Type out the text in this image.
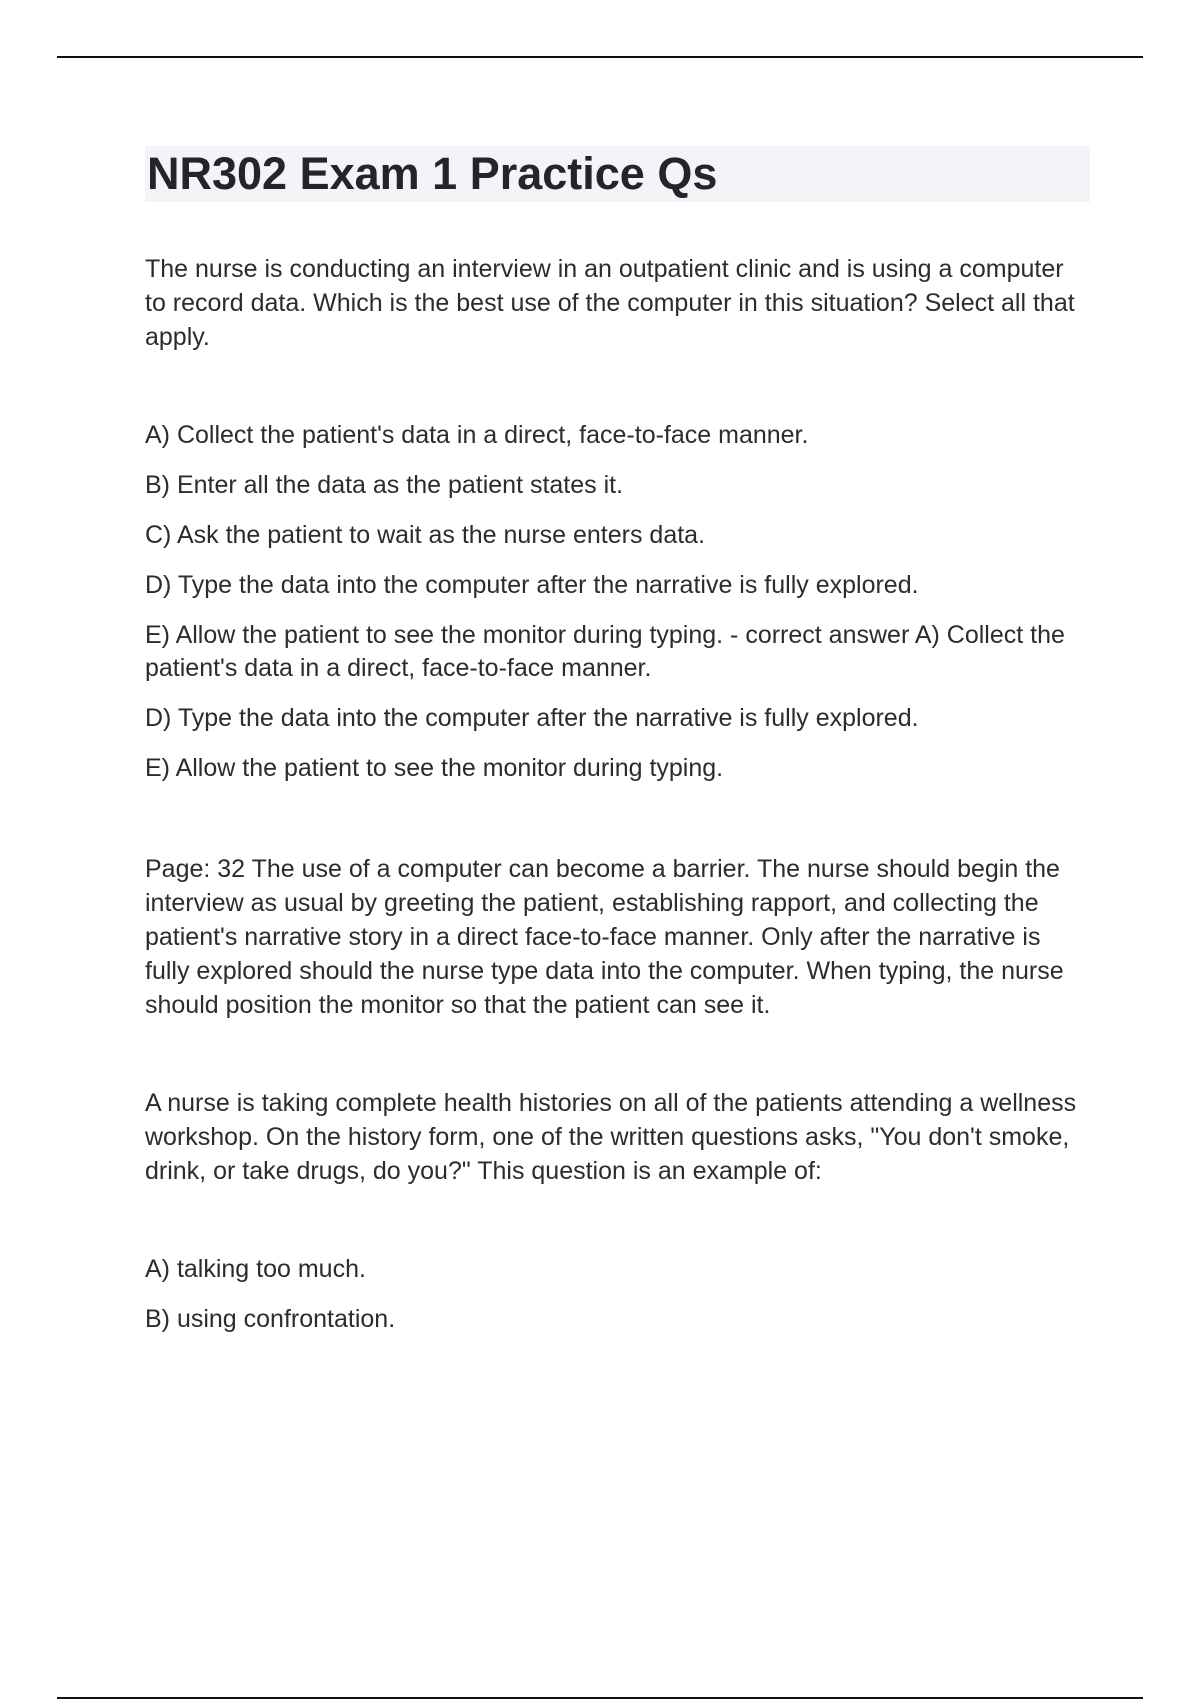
NR302 Exam 1 Practice Qs

The nurse is conducting an interview in an outpatient clinic and is using a computer to record data. Which is the best use of the computer in this situation? Select all that apply.

A) Collect the patient's data in a direct, face-to-face manner.
B) Enter all the data as the patient states it.
C) Ask the patient to wait as the nurse enters data.
D) Type the data into the computer after the narrative is fully explored.
E) Allow the patient to see the monitor during typing. - correct answer A) Collect the patient's data in a direct, face-to-face manner.
D) Type the data into the computer after the narrative is fully explored.
E) Allow the patient to see the monitor during typing.

Page: 32 The use of a computer can become a barrier. The nurse should begin the interview as usual by greeting the patient, establishing rapport, and collecting the patient's narrative story in a direct face-to-face manner. Only after the narrative is fully explored should the nurse type data into the computer. When typing, the nurse should position the monitor so that the patient can see it.

A nurse is taking complete health histories on all of the patients attending a wellness workshop. On the history form, one of the written questions asks, "You don't smoke, drink, or take drugs, do you?" This question is an example of:

A) talking too much.
B) using confrontation.
